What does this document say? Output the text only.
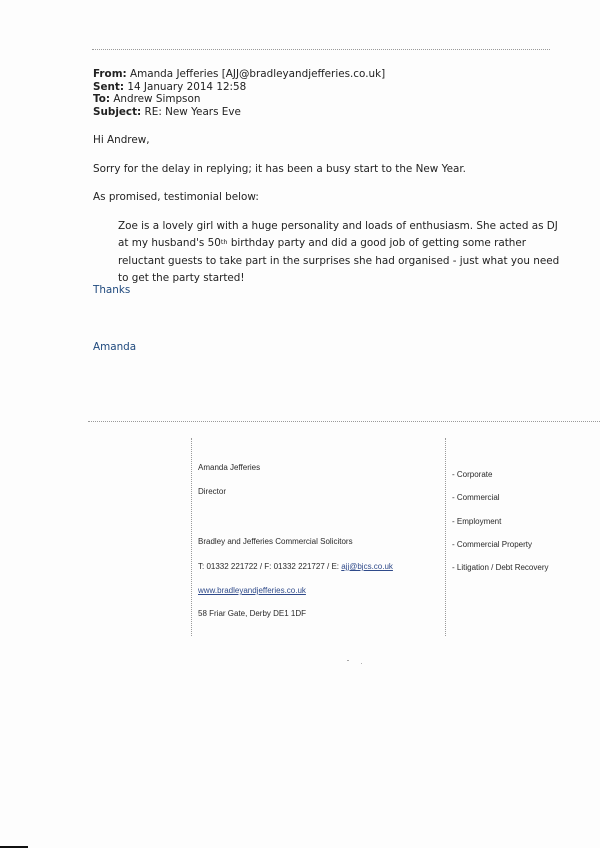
From: Amanda Jefferies [AJJ@bradleyandjefferies.co.uk]
Sent: 14 January 2014 12:58
To: Andrew Simpson
Subject: RE: New Years Eve
Hi Andrew,
Sorry for the delay in replying; it has been a busy start to the New Year.
As promised, testimonial below:
Zoe is a lovely girl with a huge personality and loads of enthusiasm. She acted as DJ at my husband's 50th birthday party and did a good job of getting some rather reluctant guests to take part in the surprises she had organised - just what you need to get the party started!
Thanks
Amanda
Amanda Jefferies
Director
Bradley and Jefferies Commercial Solicitors
T: 01332 221722 / F: 01332 221727 / E: ajj@bjcs.co.uk
www.bradleyandjefferies.co.uk
58 Friar Gate, Derby DE1 1DF
- Corporate
- Commercial
- Employment
- Commercial Property
- Litigation / Debt Recovery
